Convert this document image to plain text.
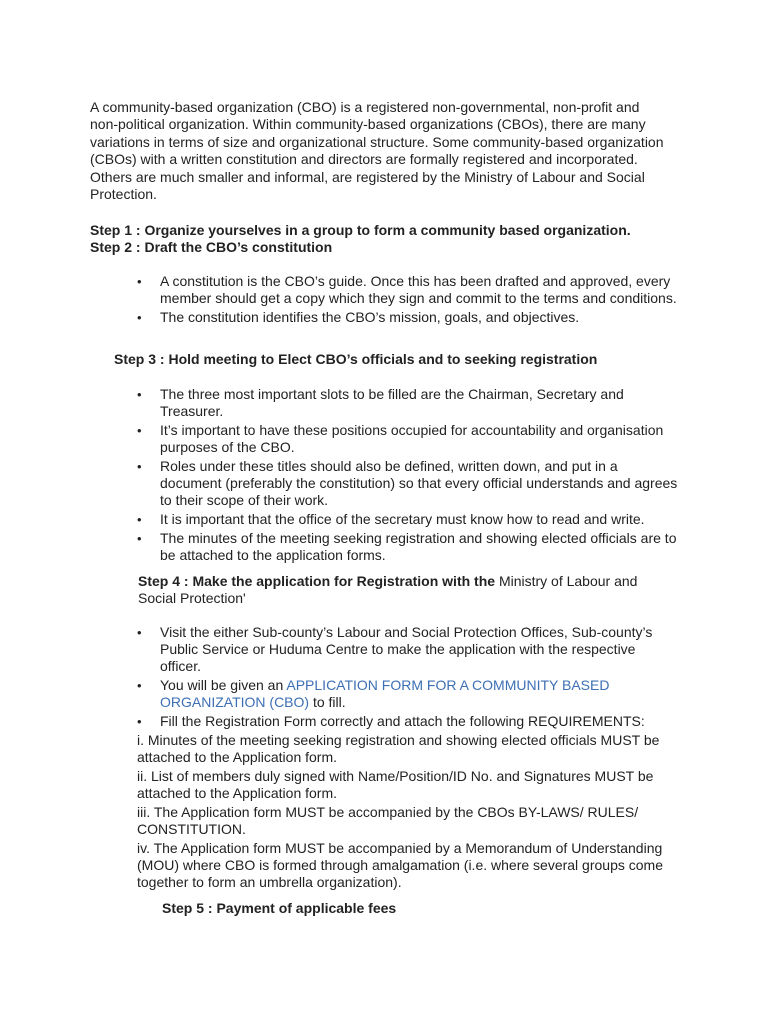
A community-based organization (CBO) is a registered non-governmental, non-profit and non-political organization. Within community-based organizations (CBOs), there are many variations in terms of size and organizational structure. Some community-based organization (CBOs) with a written constitution and directors are formally registered and incorporated. Others are much smaller and informal, are registered by the Ministry of Labour and Social Protection.

Step 1 : Organize yourselves in a group to form a community based organization.

Step 2 : Draft the CBO’s constitution

• A constitution is the CBO’s guide. Once this has been drafted and approved, every member should get a copy which they sign and commit to the terms and conditions.
• The constitution identifies the CBO’s mission, goals, and objectives.

Step 3 : Hold meeting to Elect CBO’s officials and to seeking registration

• The three most important slots to be filled are the Chairman, Secretary and Treasurer.
• It’s important to have these positions occupied for accountability and organisation purposes of the CBO.
• Roles under these titles should also be defined, written down, and put in a document (preferably the constitution) so that every official understands and agrees to their scope of their work.
• It is important that the office of the secretary must know how to read and write.
• The minutes of the meeting seeking registration and showing elected officials are to be attached to the application forms.

Step 4 : Make the application for Registration with the Ministry of Labour and Social Protection'

• Visit the either Sub-county’s Labour and Social Protection Offices, Sub-county’s Public Service or Huduma Centre to make the application with the respective officer.
• You will be given an APPLICATION FORM FOR A COMMUNITY BASED ORGANIZATION (CBO) to fill.
• Fill the Registration Form correctly and attach the following REQUIREMENTS:

i. Minutes of the meeting seeking registration and showing elected officials MUST be attached to the Application form.

ii. List of members duly signed with Name/Position/ID No. and Signatures MUST be attached to the Application form.

iii. The Application form MUST be accompanied by the CBOs BY-LAWS/ RULES/ CONSTITUTION.

iv. The Application form MUST be accompanied by a Memorandum of Understanding (MOU) where CBO is formed through amalgamation (i.e. where several groups come together to form an umbrella organization).

Step 5 : Payment of applicable fees
